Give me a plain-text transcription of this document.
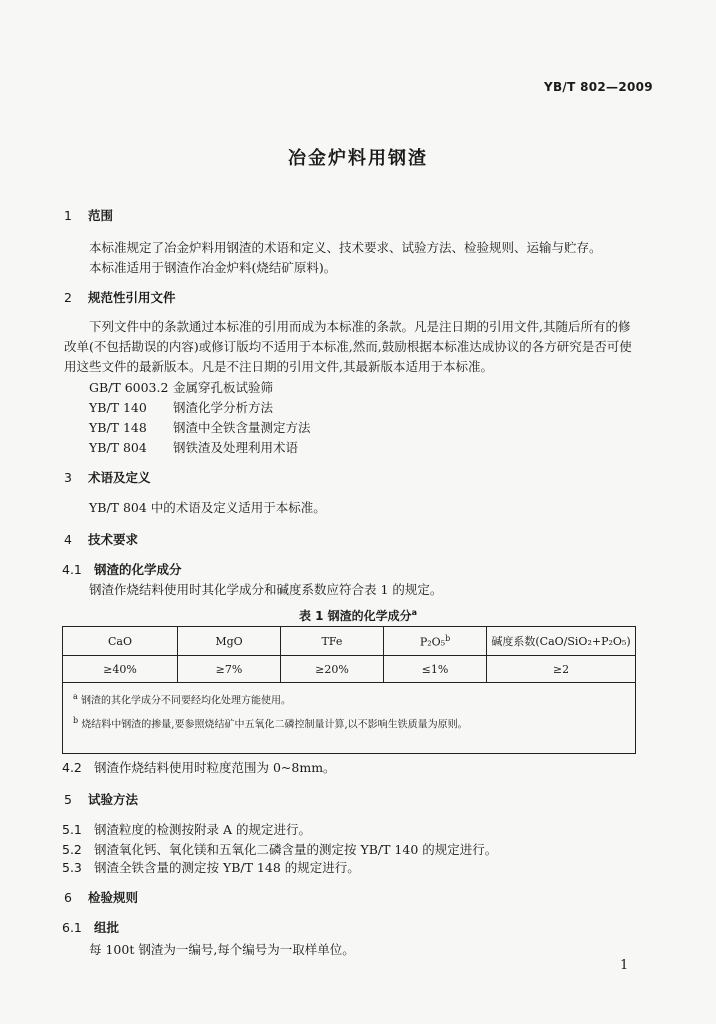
YB/T 802—2009
冶金炉料用钢渣
1 范围
本标准规定了冶金炉料用钢渣的术语和定义、技术要求、试验方法、检验规则、运输与贮存。
本标准适用于钢渣作冶金炉料(烧结矿原料)。
2 规范性引用文件
下列文件中的条款通过本标准的引用而成为本标准的条款。凡是注日期的引用文件,其随后所有的修改单(不包括勘误的内容)或修订版均不适用于本标准,然而,鼓励根据本标准达成协议的各方研究是否可使用这些文件的最新版本。凡是不注日期的引用文件,其最新版本适用于本标准。
GB/T 6003.2 金属穿孔板试验筛
YB/T 140 钢渣化学分析方法
YB/T 148 钢渣中全铁含量测定方法
YB/T 804 钢铁渣及处理利用术语
3 术语及定义
YB/T 804 中的术语及定义适用于本标准。
4 技术要求
4.1 钢渣的化学成分
钢渣作烧结料使用时其化学成分和碱度系数应符合表 1 的规定。
表 1 钢渣的化学成分$^a$
CaO	MgO	TFe	P₂O₅$^b$	碱度系数(CaO/SiO₂+P₂O₅)
≥40%	≥7%	≥20%	≤1%	≥2

$^a$ 钢渣的其化学成分不同要经均化处理方能使用。
$^b$ 烧结料中钢渣的掺量,要参照烧结矿中五氧化二磷控制量计算,以不影响生铁质量为原则。				
4.2 钢渣作烧结料使用时粒度范围为 0~8mm。
5 试验方法
5.1 钢渣粒度的检测按附录 A 的规定进行。
5.2 钢渣氧化钙、氧化镁和五氧化二磷含量的测定按 YB/T 140 的规定进行。
5.3 钢渣全铁含量的测定按 YB/T 148 的规定进行。
6 检验规则
6.1 组批
每 100t 钢渣为一编号,每个编号为一取样单位。
1
